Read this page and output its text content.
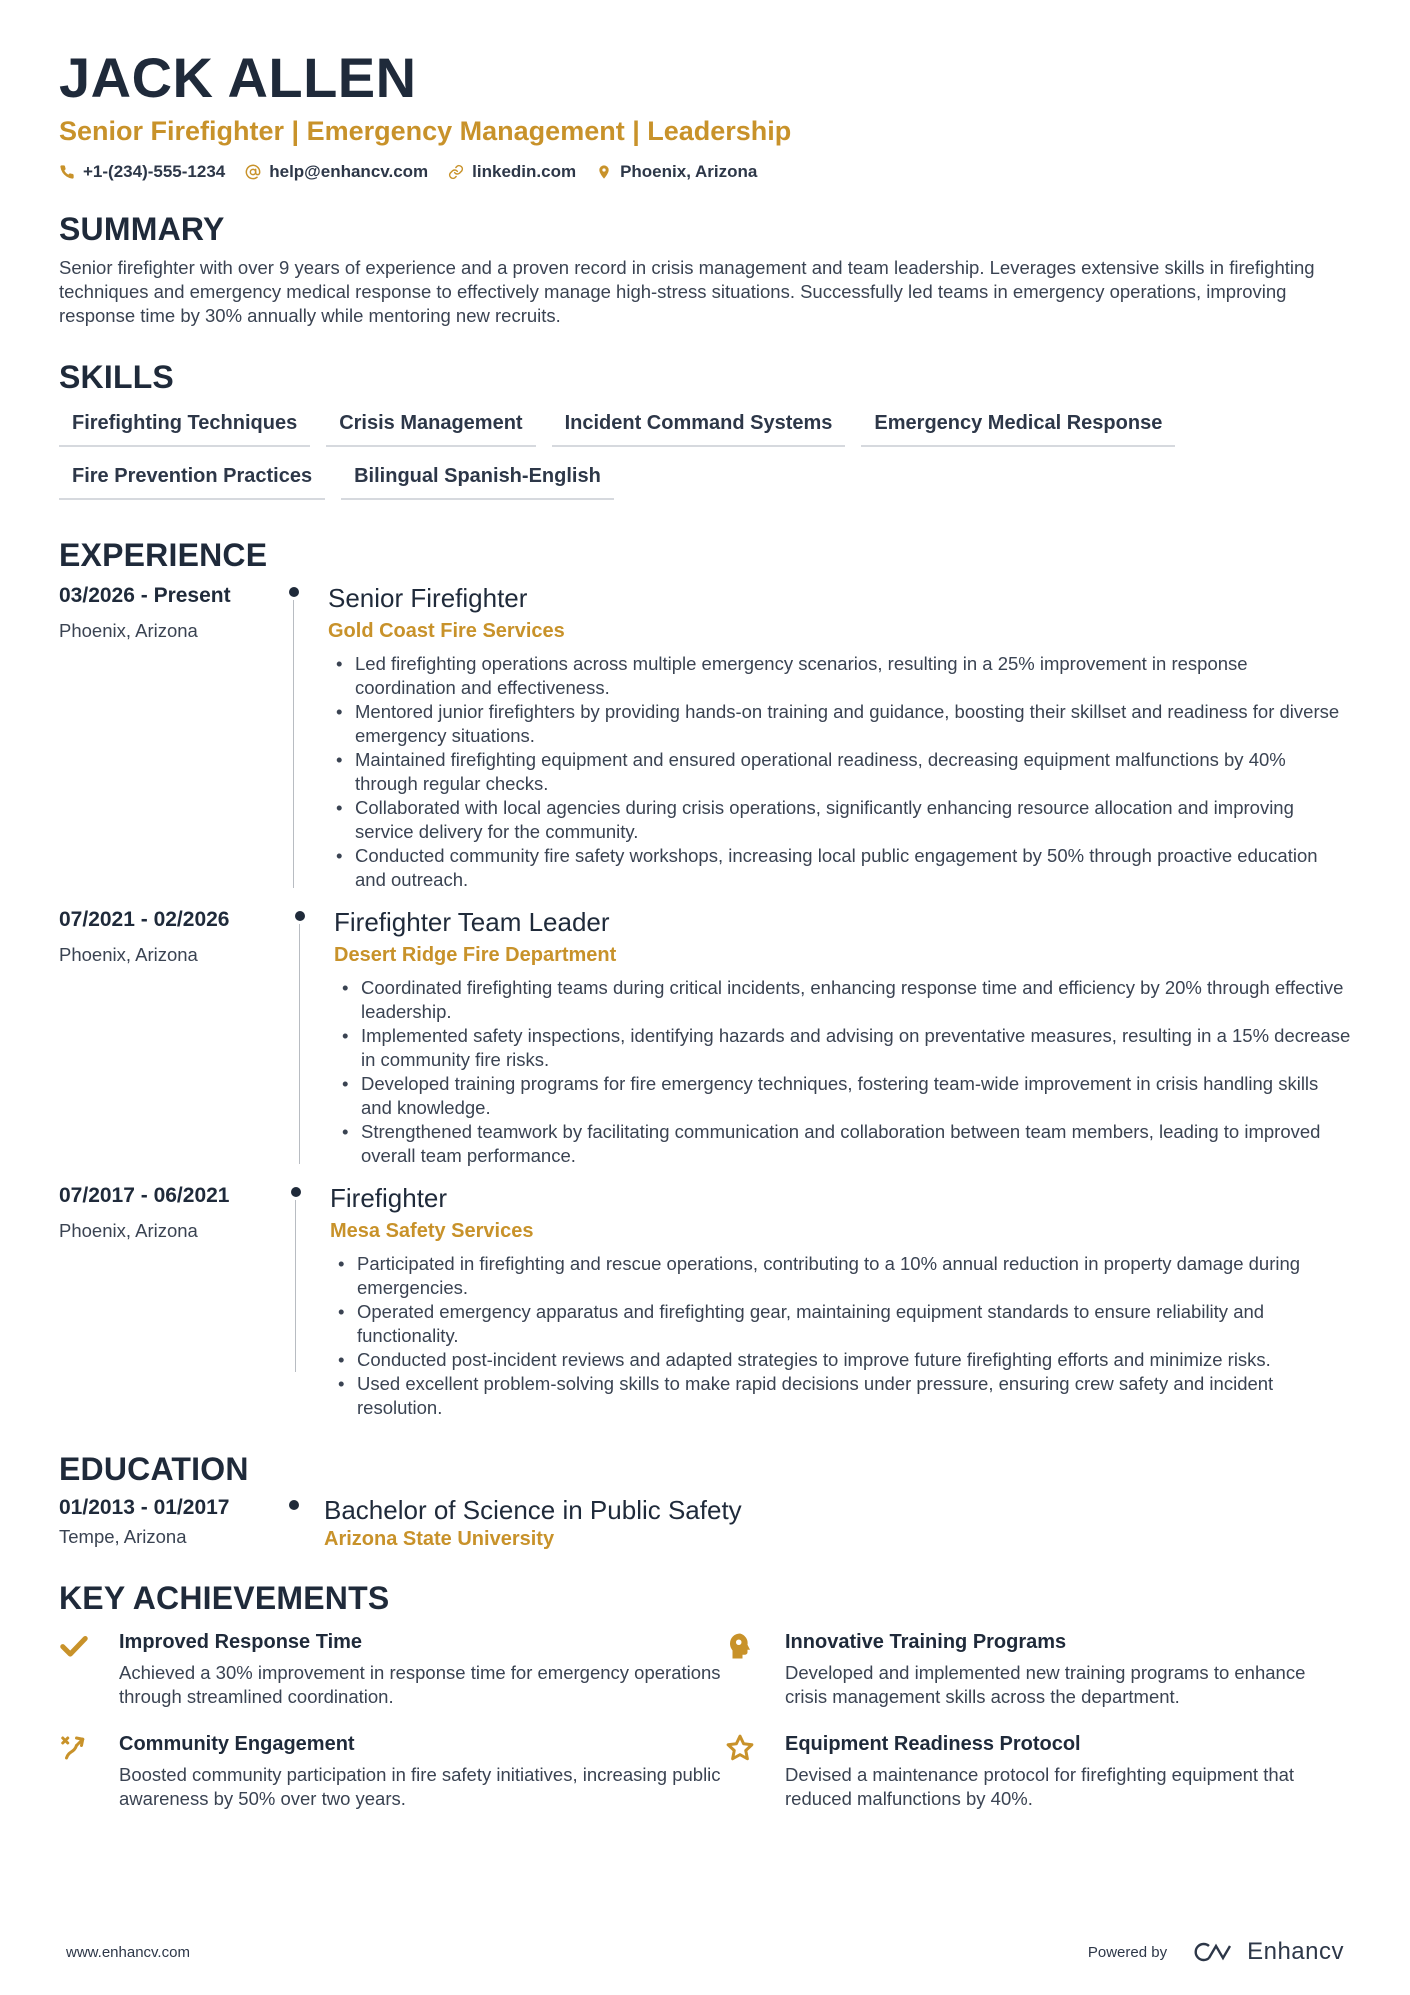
JACK ALLEN
Senior Firefighter | Emergency Management | Leadership
+1-(234)-555-1234	help@enhancv.com	linkedin.com	Phoenix, Arizona
SUMMARY
Senior firefighter with over 9 years of experience and a proven record in crisis management and team leadership. Leverages extensive skills in firefighting techniques and emergency medical response to effectively manage high-stress situations. Successfully led teams in emergency operations, improving response time by 30% annually while mentoring new recruits.
SKILLS
Firefighting Techniques	Crisis Management	Incident Command Systems	Emergency Medical Response
Fire Prevention Practices	Bilingual Spanish-English
EXPERIENCE
03/2026 - Present
Phoenix, Arizona
Senior Firefighter
Gold Coast Fire Services
• Led firefighting operations across multiple emergency scenarios, resulting in a 25% improvement in response coordination and effectiveness.
• Mentored junior firefighters by providing hands-on training and guidance, boosting their skillset and readiness for diverse emergency situations.
• Maintained firefighting equipment and ensured operational readiness, decreasing equipment malfunctions by 40% through regular checks.
• Collaborated with local agencies during crisis operations, significantly enhancing resource allocation and improving service delivery for the community.
• Conducted community fire safety workshops, increasing local public engagement by 50% through proactive education and outreach.
07/2021 - 02/2026
Phoenix, Arizona
Firefighter Team Leader
Desert Ridge Fire Department
• Coordinated firefighting teams during critical incidents, enhancing response time and efficiency by 20% through effective leadership.
• Implemented safety inspections, identifying hazards and advising on preventative measures, resulting in a 15% decrease in community fire risks.
• Developed training programs for fire emergency techniques, fostering team-wide improvement in crisis handling skills and knowledge.
• Strengthened teamwork by facilitating communication and collaboration between team members, leading to improved overall team performance.
07/2017 - 06/2021
Phoenix, Arizona
Firefighter
Mesa Safety Services
• Participated in firefighting and rescue operations, contributing to a 10% annual reduction in property damage during emergencies.
• Operated emergency apparatus and firefighting gear, maintaining equipment standards to ensure reliability and functionality.
• Conducted post-incident reviews and adapted strategies to improve future firefighting efforts and minimize risks.
• Used excellent problem-solving skills to make rapid decisions under pressure, ensuring crew safety and incident resolution.
EDUCATION
01/2013 - 01/2017
Tempe, Arizona
Bachelor of Science in Public Safety
Arizona State University
KEY ACHIEVEMENTS
Improved Response Time
Achieved a 30% improvement in response time for emergency operations through streamlined coordination.
Innovative Training Programs
Developed and implemented new training programs to enhance crisis management skills across the department.
Community Engagement
Boosted community participation in fire safety initiatives, increasing public awareness by 50% over two years.
Equipment Readiness Protocol
Devised a maintenance protocol for firefighting equipment that reduced malfunctions by 40%.
www.enhancv.com	Powered by	Enhancv
